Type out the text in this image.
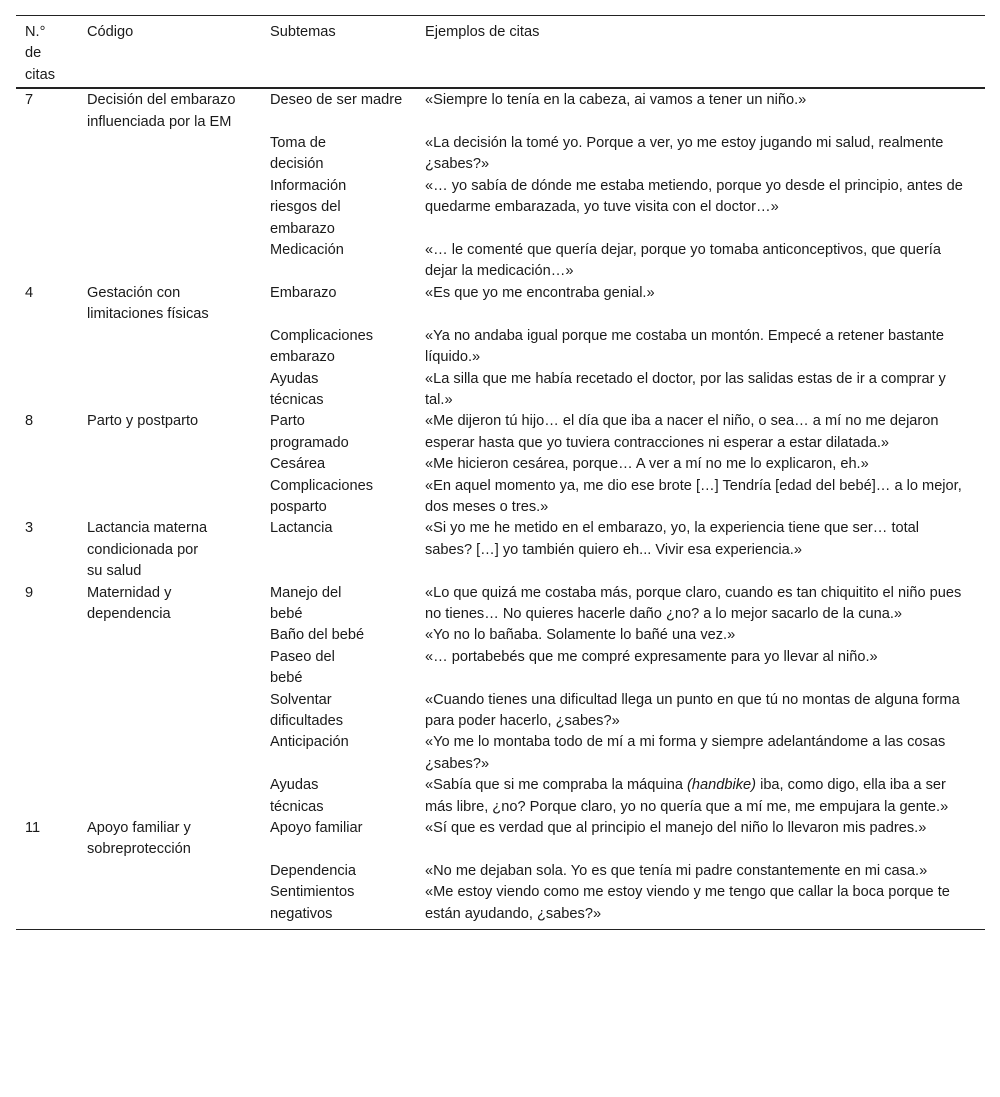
N.° de citas	Código	Subtemas	Ejemplos de citas
7	Decisión del embarazo influenciada por la EM	Deseo de ser madre	«Siempre lo tenía en la cabeza, ai vamos a tener un niño.»
		Toma de decisión	«La decisión la tomé yo. Porque a ver, yo me estoy jugando mi salud, realmente ¿sabes?»
		Información riesgos del embarazo	«… yo sabía de dónde me estaba metiendo, porque yo desde el principio, antes de quedarme embarazada, yo tuve visita con el doctor…»
		Medicación	«… le comenté que quería dejar, porque yo tomaba anticonceptivos, que quería dejar la medicación…»
4	Gestación con limitaciones físicas	Embarazo	«Es que yo me encontraba genial.»
		Complicaciones embarazo	«Ya no andaba igual porque me costaba un montón. Empecé a retener bastante líquido.»
		Ayudas técnicas	«La silla que me había recetado el doctor, por las salidas estas de ir a comprar y tal.»
8	Parto y postparto	Parto programado	«Me dijeron tú hijo… el día que iba a nacer el niño, o sea… a mí no me dejaron esperar hasta que yo tuviera contracciones ni esperar a estar dilatada.»
		Cesárea	«Me hicieron cesárea, porque… A ver a mí no me lo explicaron, eh.»
		Complicaciones posparto	«En aquel momento ya, me dio ese brote […] Tendría [edad del bebé]… a lo mejor, dos meses o tres.»
3	Lactancia materna condicionada por su salud	Lactancia	«Si yo me he metido en el embarazo, yo, la experiencia tiene que ser… total sabes? […] yo también quiero eh... Vivir esa experiencia.»
9	Maternidad y dependencia	Manejo del bebé	«Lo que quizá me costaba más, porque claro, cuando es tan chiquitito el niño pues no tienes… No quieres hacerle daño ¿no? a lo mejor sacarlo de la cuna.»
		Baño del bebé	«Yo no lo bañaba. Solamente lo bañé una vez.»
		Paseo del bebé	«… portabebés que me compré expresamente para yo llevar al niño.»
		Solventar dificultades	«Cuando tienes una dificultad llega un punto en que tú no montas de alguna forma para poder hacerlo, ¿sabes?»
		Anticipación	«Yo me lo montaba todo de mí a mi forma y siempre adelantándome a las cosas ¿sabes?»
		Ayudas técnicas	«Sabía que si me compraba la máquina (handbike) iba, como digo, ella iba a ser más libre, ¿no? Porque claro, yo no quería que a mí me, me empujara la gente.»
11	Apoyo familiar y sobreprotección	Apoyo familiar	«Sí que es verdad que al principio el manejo del niño lo llevaron mis padres.»
		Dependencia	«No me dejaban sola. Yo es que tenía mi padre constantemente en mi casa.»
		Sentimientos negativos	«Me estoy viendo como me estoy viendo y me tengo que callar la boca porque te están ayudando, ¿sabes?»
